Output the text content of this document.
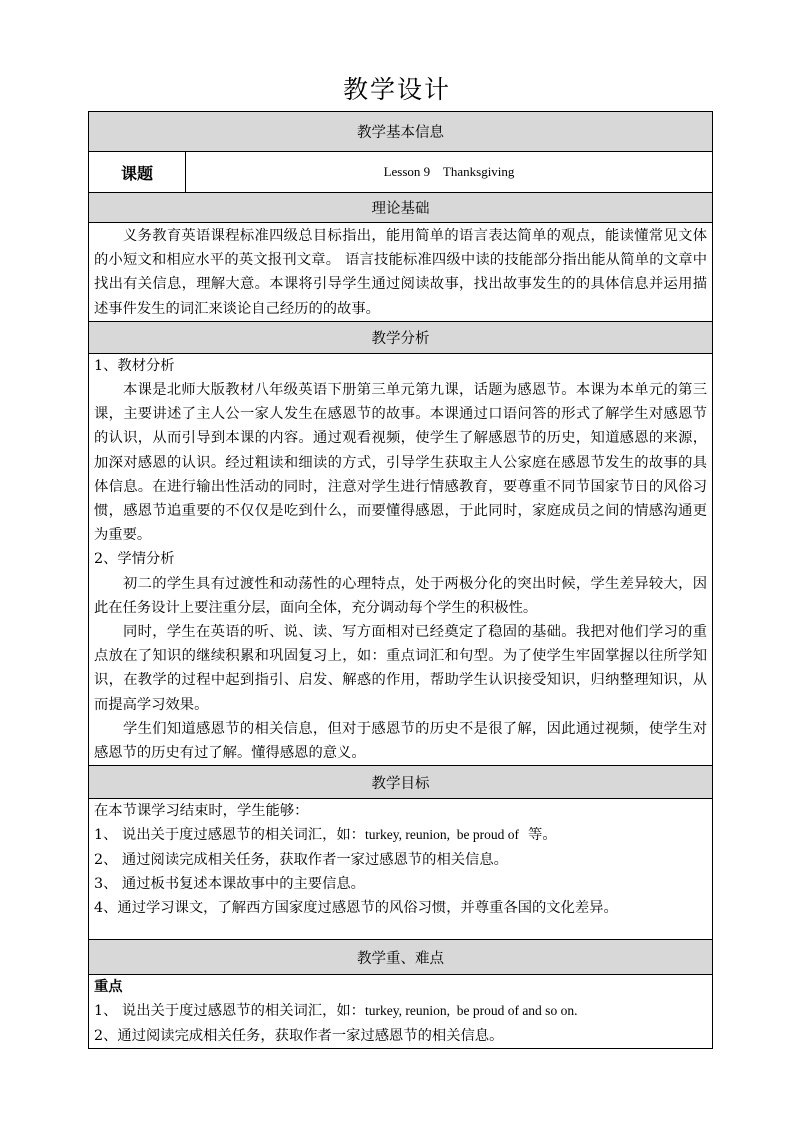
教学设计
教学基本信息
课题	Lesson 9    Thanksgiving
理论基础

义务教育英语课程标准四级总目标指出，能用简单的语言表达简单的观点，能读懂常见文体的小短文和相应水平的英文报刊文章。 语言技能标准四级中读的技能部分指出能从简单的文章中找出有关信息，理解大意。本课将引导学生通过阅读故事，找出故事发生的的具体信息并运用描述事件发生的词汇来谈论自己经历的的故事。

教学分析

1、教材分析

本课是北师大版教材八年级英语下册第三单元第九课，话题为感恩节。本课为本单元的第三课，主要讲述了主人公一家人发生在感恩节的故事。本课通过口语问答的形式了解学生对感恩节的认识，从而引导到本课的内容。通过观看视频，使学生了解感恩节的历史，知道感恩的来源，加深对感恩的认识。经过粗读和细读的方式，引导学生获取主人公家庭在感恩节发生的故事的具体信息。在进行输出性活动的同时，注意对学生进行情感教育，要尊重不同节国家节日的风俗习惯，感恩节追重要的不仅仅是吃到什么，而要懂得感恩，于此同时，家庭成员之间的情感沟通更为重要。

2、学情分析

初二的学生具有过渡性和动荡性的心理特点，处于两极分化的突出时候，学生差异较大，因此在任务设计上要注重分层，面向全体，充分调动每个学生的积极性。

同时，学生在英语的听、说、读、写方面相对已经奠定了稳固的基础。我把对他们学习的重点放在了知识的继续积累和巩固复习上，如：重点词汇和句型。为了使学生牢固掌握以往所学知识，在教学的过程中起到指引、启发、解惑的作用，帮助学生认识接受知识，归纳整理知识，从而提高学习效果。

学生们知道感恩节的相关信息，但对于感恩节的历史不是很了解，因此通过视频，使学生对感恩节的历史有过了解。懂得感恩的意义。

教学目标

在本节课学习结束时，学生能够：

1、 说出关于度过感恩节的相关词汇，如：turkey, reunion,  be proud of  等。

2、 通过阅读完成相关任务，获取作者一家过感恩节的相关信息。

3、 通过板书复述本课故事中的主要信息。

4、通过学习课文，了解西方国家度过感恩节的风俗习惯，并尊重各国的文化差异。

教学重、难点

重点

1、 说出关于度过感恩节的相关词汇，如：turkey, reunion,  be proud of and so on.

2、通过阅读完成相关任务，获取作者一家过感恩节的相关信息。
